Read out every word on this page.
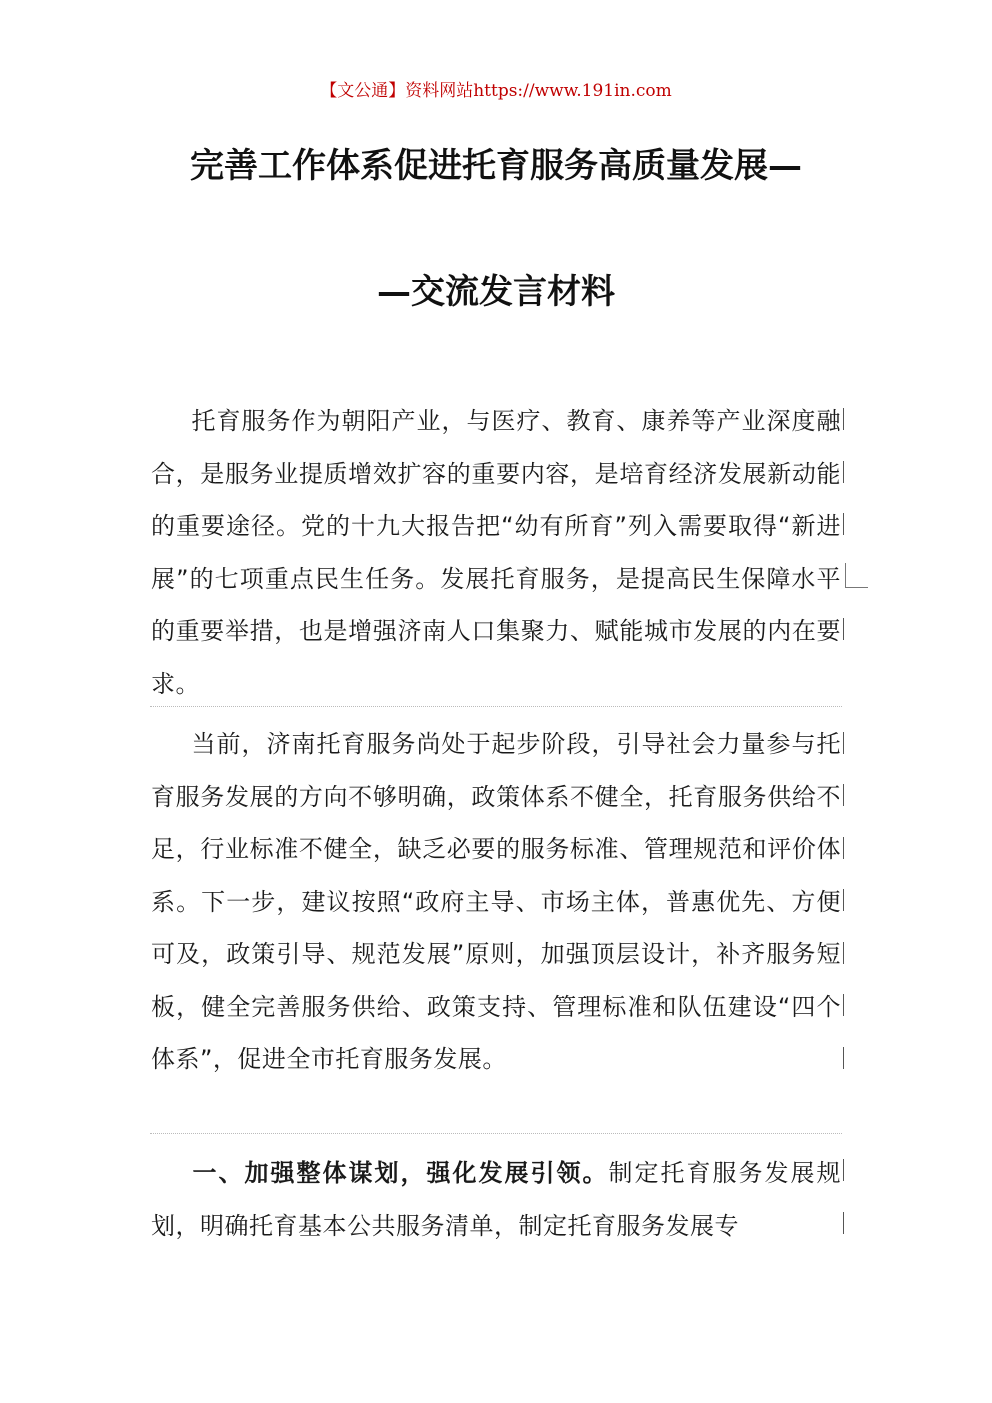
【文公通】资料网站https://www.191in.com
完善工作体系促进托育服务高质量发展—
—交流发言材料
托育服务作为朝阳产业，与医疗、教育、康养等产业深度融合，是服务业提质增效扩容的重要内容，是培育经济发展新动能的重要途径。党的十九大报告把“幼有所育”列入需要取得“新进展”的七项重点民生任务。发展托育服务，是提高民生保障水平的重要举措，也是增强济南人口集聚力、赋能城市发展的内在要求。
当前，济南托育服务尚处于起步阶段，引导社会力量参与托育服务发展的方向不够明确，政策体系不健全，托育服务供给不足，行业标准不健全，缺乏必要的服务标准、管理规范和评价体系。下一步，建议按照“政府主导、市场主体，普惠优先、方便可及，政策引导、规范发展”原则，加强顶层设计，补齐服务短板，健全完善服务供给、政策支持、管理标准和队伍建设“四个体系”，促进全市托育服务发展。
一、加强整体谋划，强化发展引领。制定托育服务发展规划，明确托育基本公共服务清单，制定托育服务发展专
